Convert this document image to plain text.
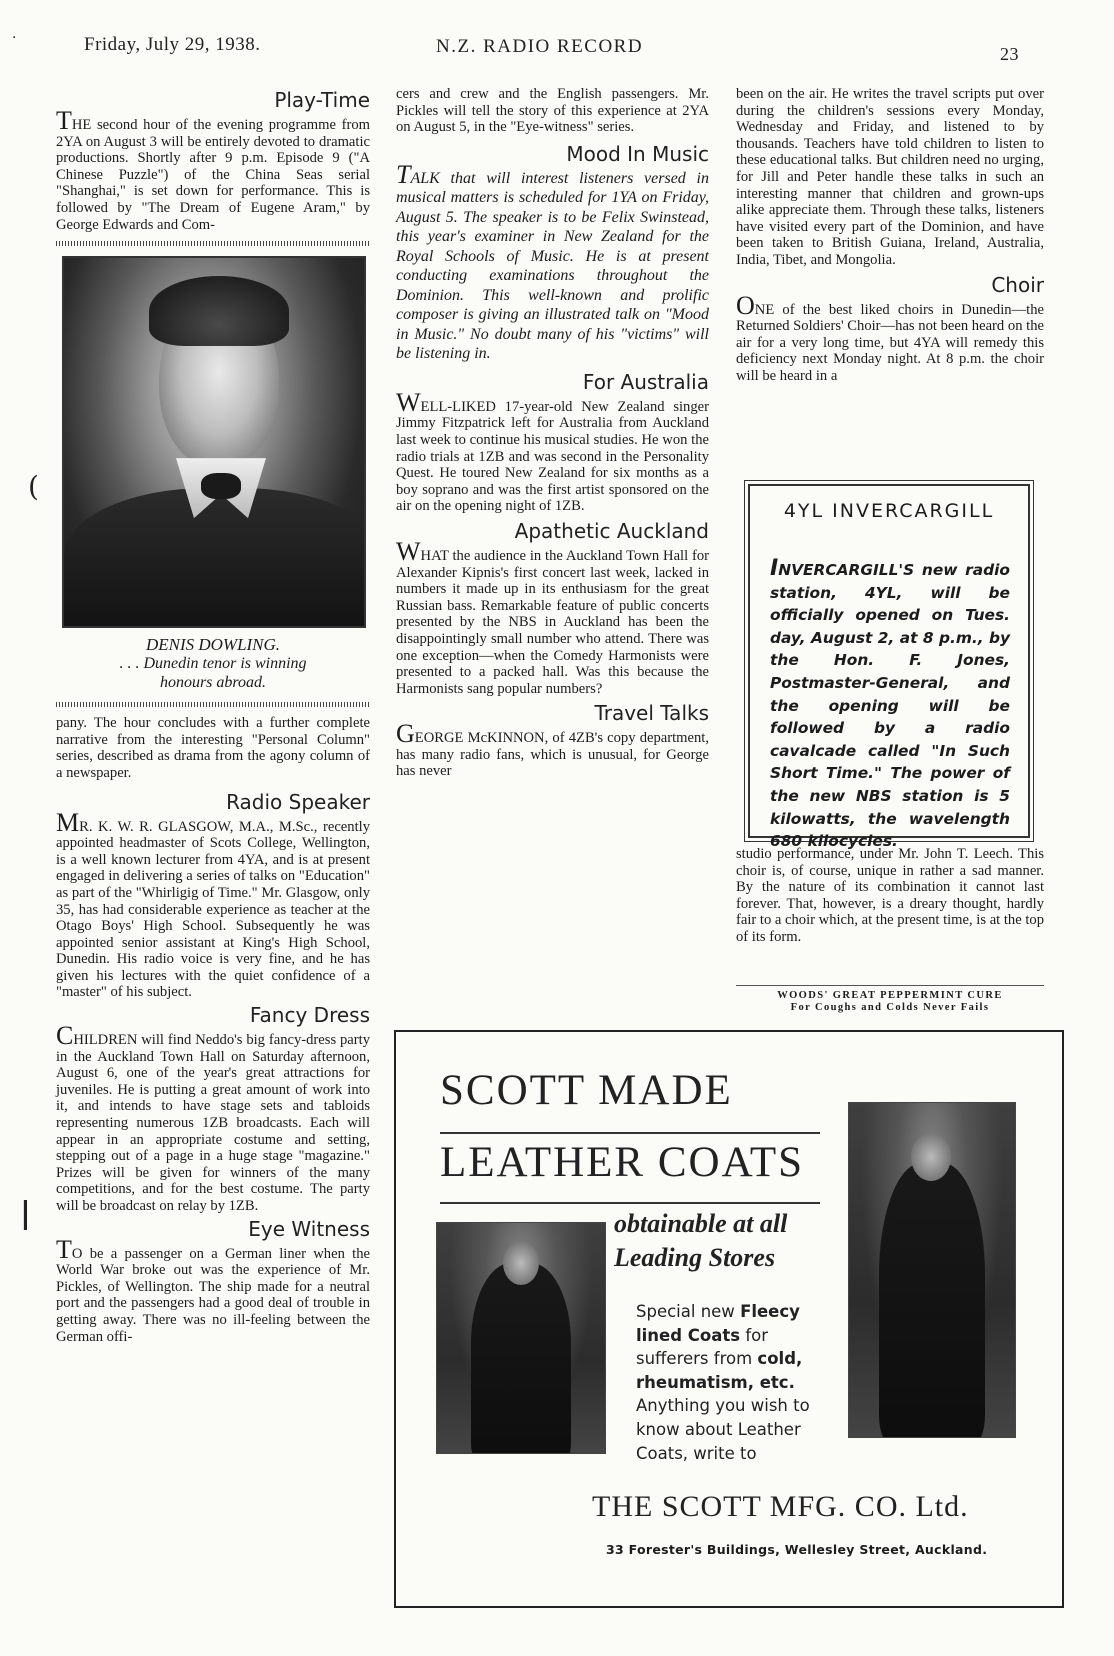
Friday, July 29, 1938.	N.Z. RADIO RECORD	23
·
(
|
Play-Time

THE second hour of the evening programme from 2YA on August 3 will be entirely devoted to dramatic productions. Shortly after 9 p.m. Episode 9 ("A Chinese Puzzle") of the China Seas serial "Shanghai," is set down for performance. This is followed by "The Dream of Eugene Aram," by George Edwards and Com-

DENIS DOWLING.
. . . Dunedin tenor is winning honours abroad.

pany. The hour concludes with a further complete narrative from the interesting "Personal Column" series, described as drama from the agony column of a newspaper.

Radio Speaker

MR. K. W. R. GLASGOW, M.A., M.Sc., recently appointed headmaster of Scots College, Wellington, is a well known lecturer from 4YA, and is at present engaged in delivering a series of talks on "Education" as part of the "Whirligig of Time." Mr. Glasgow, only 35, has had considerable experience as teacher at the Otago Boys' High School. Subsequently he was appointed senior assistant at King's High School, Dunedin. His radio voice is very fine, and he has given his lectures with the quiet confidence of a "master" of his subject.

Fancy Dress

CHILDREN will find Neddo's big fancy-dress party in the Auckland Town Hall on Saturday afternoon, August 6, one of the year's great attractions for juveniles. He is putting a great amount of work into it, and intends to have stage sets and tabloids representing numerous 1ZB broadcasts. Each will appear in an appropriate costume and setting, stepping out of a page in a huge stage "magazine." Prizes will be given for winners of the many competitions, and for the best costume. The party will be broadcast on relay by 1ZB.

Eye Witness

TO be a passenger on a German liner when the World War broke out was the experience of Mr. Pickles, of Wellington. The ship made for a neutral port and the passengers had a good deal of trouble in getting away. There was no ill-feeling between the German offi-

cers and crew and the English passengers. Mr. Pickles will tell the story of this experience at 2YA on August 5, in the "Eye-witness" series.

Mood In Music

TALK that will interest listeners versed in musical matters is scheduled for 1YA on Friday, August 5. The speaker is to be Felix Swinstead, this year's examiner in New Zealand for the Royal Schools of Music. He is at present conducting examinations throughout the Dominion. This well-known and prolific composer is giving an illustrated talk on "Mood in Music." No doubt many of his "victims" will be listening in.

For Australia

WELL-LIKED 17-year-old New Zealand singer Jimmy Fitzpatrick left for Australia from Auckland last week to continue his musical studies. He won the radio trials at 1ZB and was second in the Personality Quest. He toured New Zealand for six months as a boy soprano and was the first artist sponsored on the air on the opening night of 1ZB.

Apathetic Auckland

WHAT the audience in the Auckland Town Hall for Alexander Kipnis's first concert last week, lacked in numbers it made up in its enthusiasm for the great Russian bass. Remarkable feature of public concerts presented by the NBS in Auckland has been the disappointingly small number who attend. There was one exception—when the Comedy Harmonists were presented to a packed hall. Was this because the Harmonists sang popular numbers?

Travel Talks

GEORGE McKINNON, of 4ZB's copy department, has many radio fans, which is unusual, for George has never

been on the air. He writes the travel scripts put over during the children's sessions every Monday, Wednesday and Friday, and listened to by thousands. Teachers have told children to listen to these educational talks. But children need no urging, for Jill and Peter handle these talks in such an interesting manner that children and grown-ups alike appreciate them. Through these talks, listeners have visited every part of the Dominion, and have been taken to British Guiana, Ireland, Australia, India, Tibet, and Mongolia.

Choir

ONE of the best liked choirs in Dunedin—the Returned Soldiers' Choir—has not been heard on the air for a very long time, but 4YA will remedy this deficiency next Monday night. At 8 p.m. the choir will be heard in a

4YL INVERCARGILL
INVERCARGILL'S new radio station, 4YL, will be officially opened on Tues. day, August 2, at 8 p.m., by the Hon. F. Jones, Postmaster-General, and the opening will be followed by a radio cavalcade called "In Such Short Time." The power of the new NBS station is 5 kilowatts, the wavelength 680 kilocycles.

studio performance, under Mr. John T. Leech. This choir is, of course, unique in rather a sad manner. By the nature of its combination it cannot last forever. That, however, is a dreary thought, hardly fair to a choir which, at the present time, is at the top of its form.

WOODS' GREAT PEPPERMINT CURE
For Coughs and Colds Never Fails
SCOTT MADE
LEATHER COATS
obtainable at all
Leading Stores
Special new Fleecy lined Coats for sufferers from cold, rheumatism, etc. Anything you wish to know about Leather Coats, write to
THE SCOTT MFG. CO. Ltd.
33 Forester's Buildings, Wellesley Street, Auckland.
